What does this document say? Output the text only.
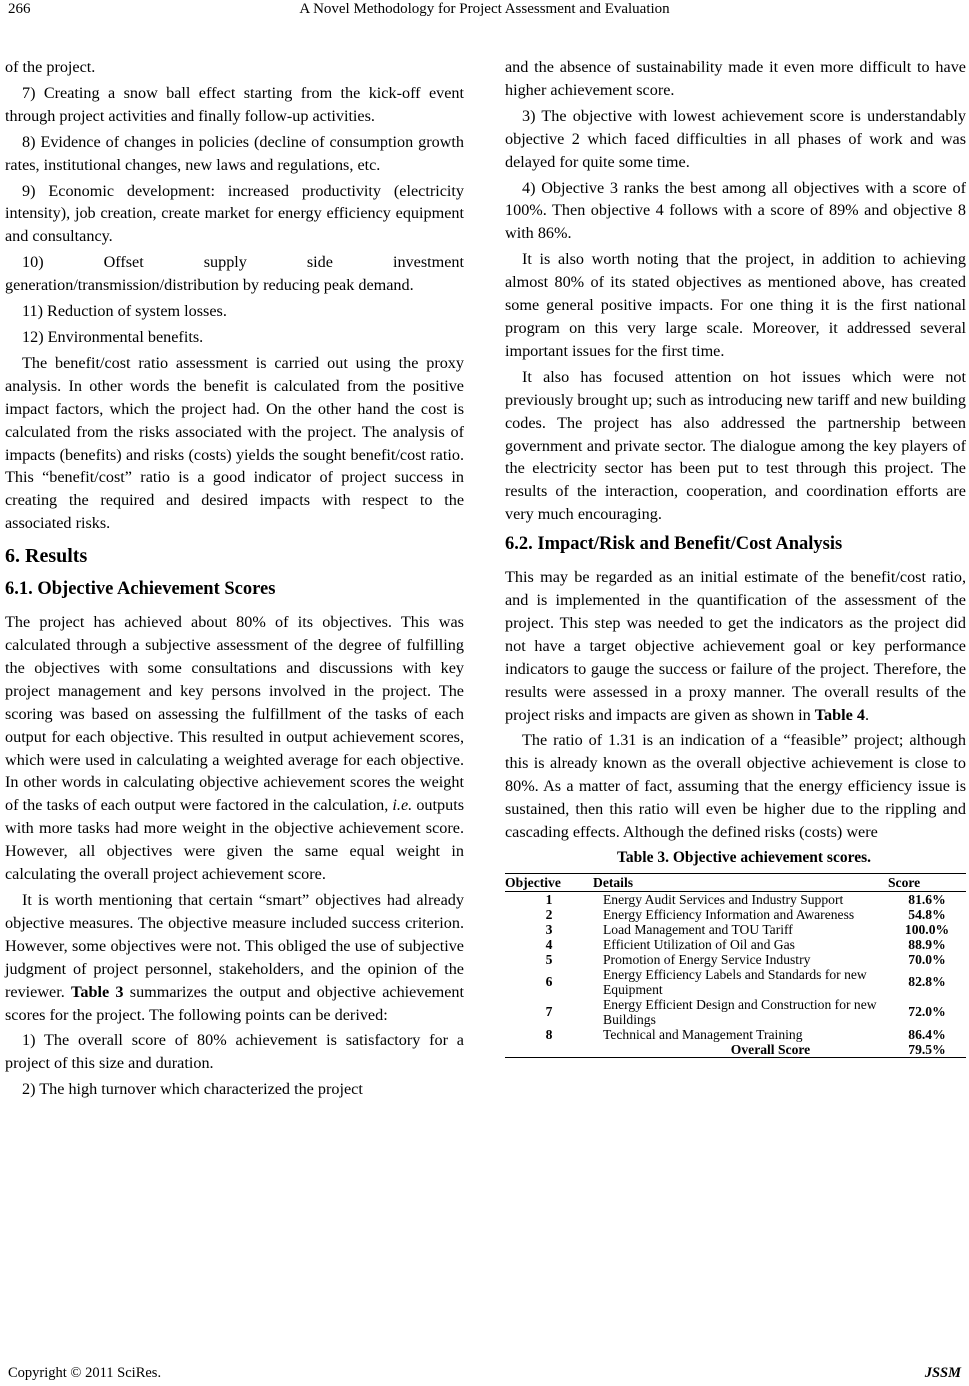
266	A Novel Methodology for Project Assessment and Evaluation

of the project.

7) Creating a snow ball effect starting from the kick-off event through project activities and finally follow-up activities.

8) Evidence of changes in policies (decline of consumption growth rates, institutional changes, new laws and regulations, etc.

9) Economic development: increased productivity (electricity intensity), job creation, create market for energy efficiency equipment and consultancy.

10) Offset supply side investment generation/transmission/distribution by reducing peak demand.

11) Reduction of system losses.

12) Environmental benefits.

The benefit/cost ratio assessment is carried out using the proxy analysis. In other words the benefit is calculated from the positive impact factors, which the project had. On the other hand the cost is calculated from the risks associated with the project. The analysis of impacts (benefits) and risks (costs) yields the sought benefit/cost ratio. This “benefit/cost” ratio is a good indicator of project success in creating the required and desired impacts with respect to the associated risks.

6. Results
6.1. Objective Achievement Scores

The project has achieved about 80% of its objectives. This was calculated through a subjective assessment of the degree of fulfilling the objectives with some consultations and discussions with key project management and key persons involved in the project. The scoring was based on assessing the fulfillment of the tasks of each output for each objective. This resulted in output achievement scores, which were used in calculating a weighted average for each objective. In other words in calculating objective achievement scores the weight of the tasks of each output were factored in the calculation, i.e. outputs with more tasks had more weight in the objective achievement score. However, all objectives were given the same equal weight in calculating the overall project achievement score.

It is worth mentioning that certain “smart” objectives had already objective measures. The objective measure included success criterion. However, some objectives were not. This obliged the use of subjective judgment of project personnel, stakeholders, and the opinion of the reviewer. Table 3 summarizes the output and objective achievement scores for the project. The following points can be derived:

1) The overall score of 80% achievement is satisfactory for a project of this size and duration.

2) The high turnover which characterized the project

and the absence of sustainability made it even more difficult to have higher achievement score.

3) The objective with lowest achievement score is understandably objective 2 which faced difficulties in all phases of work and was delayed for quite some time.

4) Objective 3 ranks the best among all objectives with a score of 100%. Then objective 4 follows with a score of 89% and objective 8 with 86%.

It is also worth noting that the project, in addition to achieving almost 80% of its stated objectives as mentioned above, has created some general positive impacts. For one thing it is the first national program on this very large scale. Moreover, it addressed several important issues for the first time.

It also has focused attention on hot issues which were not previously brought up; such as introducing new tariff and new building codes. The project has also addressed the partnership between government and private sector. The dialogue among the key players of the electricity sector has been put to test through this project. The results of the interaction, cooperation, and coordination efforts are very much encouraging.

6.2. Impact/Risk and Benefit/Cost Analysis

This may be regarded as an initial estimate of the benefit/cost ratio, and is implemented in the quantification of the assessment of the project. This step was needed to get the indicators as the project did not have a target objective achievement goal or key performance indicators to gauge the success or failure of the project. Therefore, the results were assessed in a proxy manner. The overall results of the project risks and impacts are given as shown in Table 4.

The ratio of 1.31 is an indication of a “feasible” project; although this is already known as the overall objective achievement is close to 80%. As a matter of fact, assuming that the energy efficiency issue is sustained, then this ratio will even be higher due to the rippling and cascading effects. Although the defined risks (costs) were

Table 3. Objective achievement scores.

Objective	Details	Score
1	Energy Audit Services and Industry Support	81.6%
2	Energy Efficiency Information and Awareness	54.8%
3	Load Management and TOU Tariff	100.0%
4	Efficient Utilization of Oil and Gas	88.9%
5	Promotion of Energy Service Industry	70.0%
6	Energy Efficiency Labels and Standards for new Equipment	82.8%
7	Energy Efficient Design and Construction for new Buildings	72.0%
8	Technical and Management Training	86.4%
	Overall Score	79.5%
Copyright © 2011 SciRes.	JSSM
